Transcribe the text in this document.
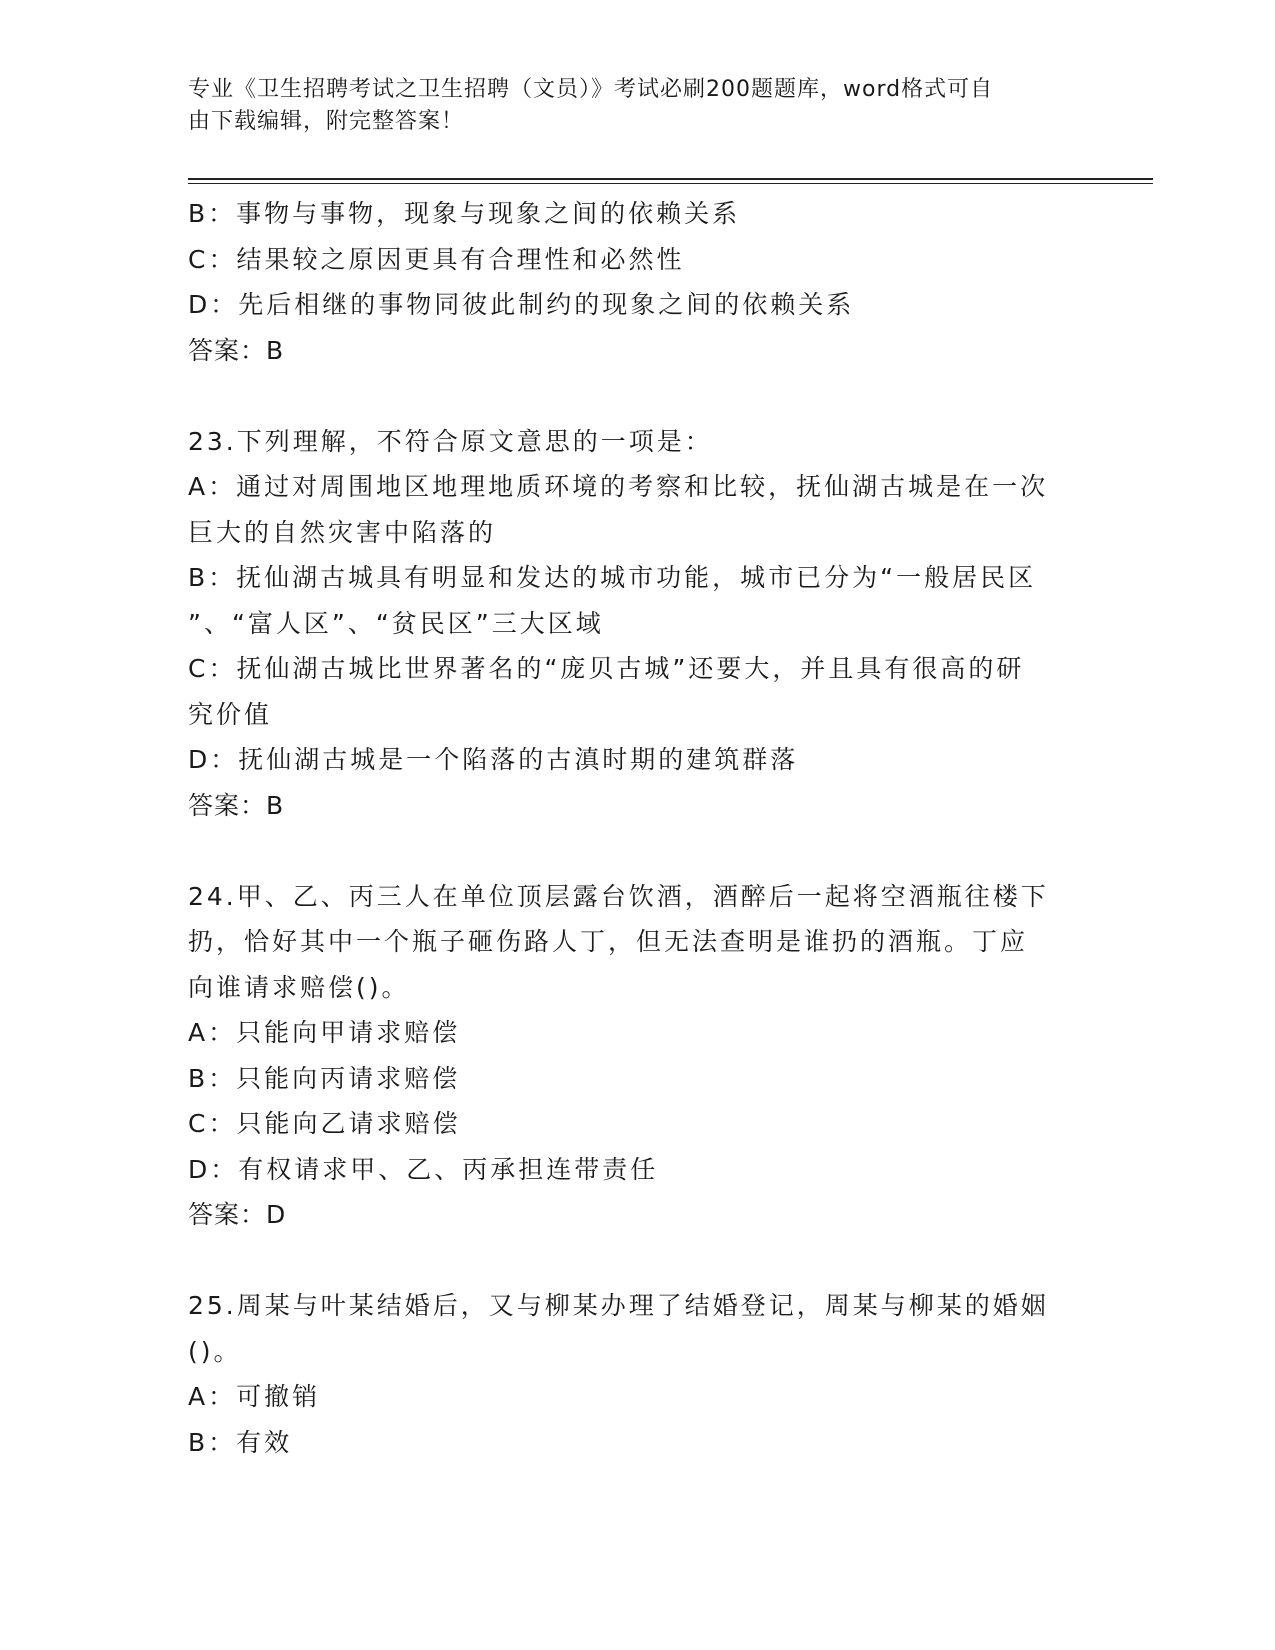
专业《卫生招聘考试之卫生招聘（文员）》考试必刷200题题库，word格式可自
由下载编辑，附完整答案！
B：事物与事物，现象与现象之间的依赖关系
C：结果较之原因更具有合理性和必然性
D：先后相继的事物同彼此制约的现象之间的依赖关系
答案：B
23.下列理解，不符合原文意思的一项是：
A：通过对周围地区地理地质环境的考察和比较，抚仙湖古城是在一次
巨大的自然灾害中陷落的
B：抚仙湖古城具有明显和发达的城市功能，城市已分为“一般居民区
”、“富人区”、“贫民区”三大区域
C：抚仙湖古城比世界著名的“庞贝古城”还要大，并且具有很高的研
究价值
D：抚仙湖古城是一个陷落的古滇时期的建筑群落
答案：B
24.甲、乙、丙三人在单位顶层露台饮酒，酒醉后一起将空酒瓶往楼下
扔，恰好其中一个瓶子砸伤路人丁，但无法查明是谁扔的酒瓶。丁应
向谁请求赔偿()。
A：只能向甲请求赔偿
B：只能向丙请求赔偿
C：只能向乙请求赔偿
D：有权请求甲、乙、丙承担连带责任
答案：D
25.周某与叶某结婚后，又与柳某办理了结婚登记，周某与柳某的婚姻
()。
A：可撤销
B：有效
